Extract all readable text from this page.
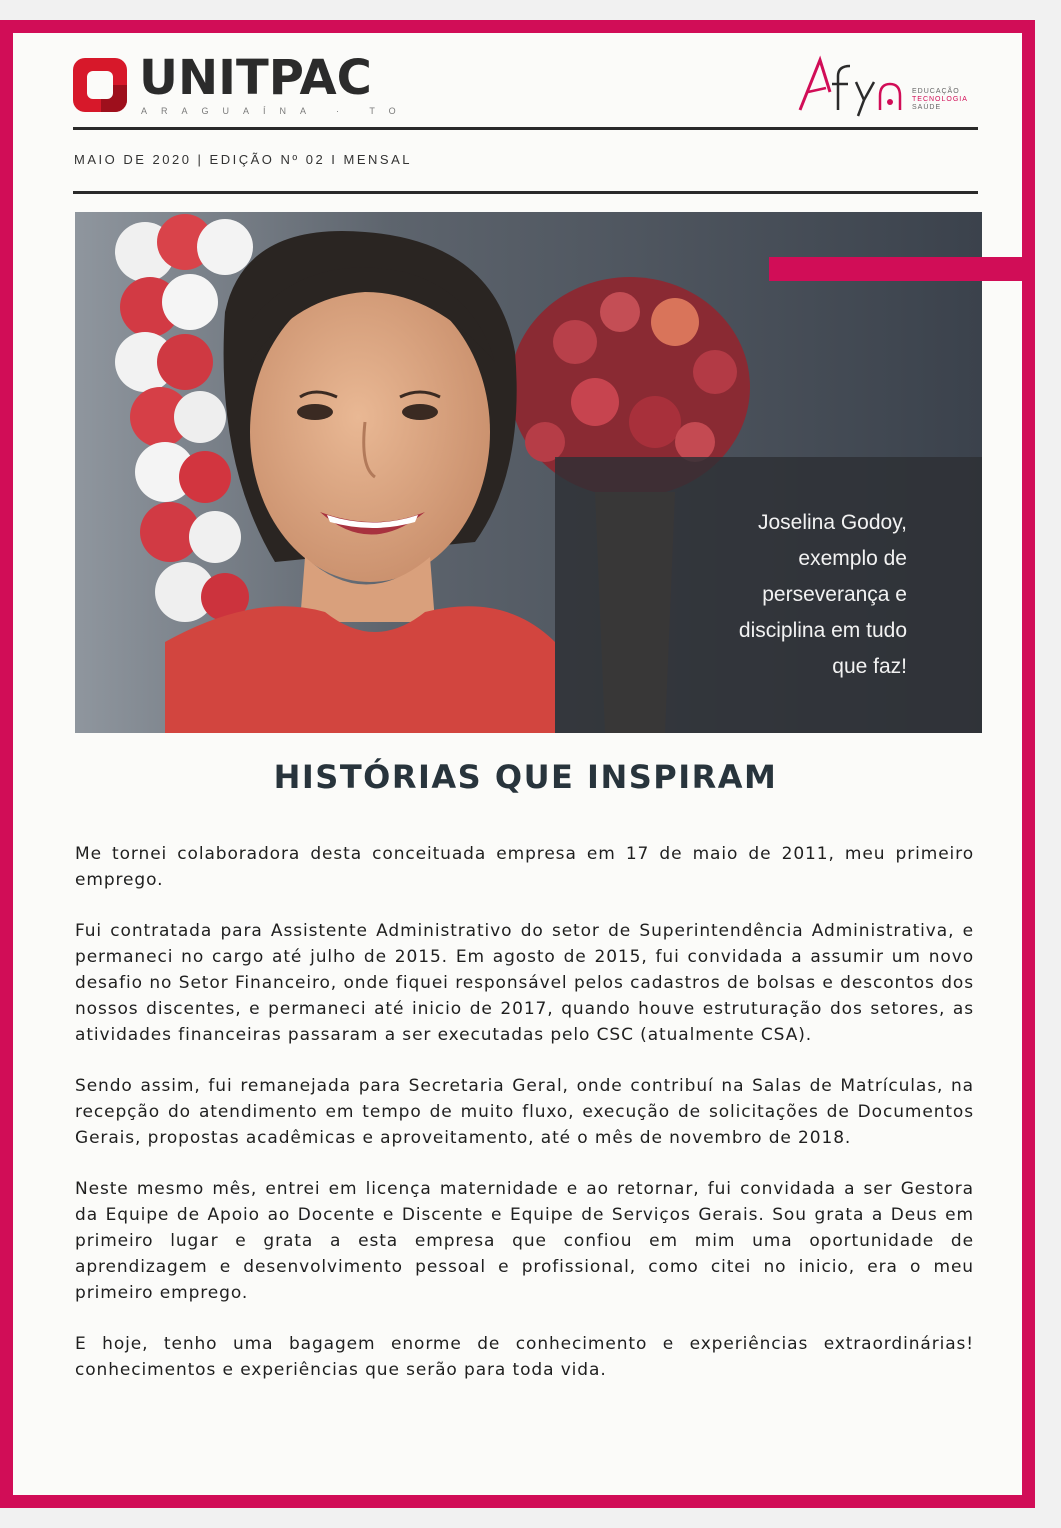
UNITPAC
ARAGUAÍNA · TO
EDUCAÇÃO
TECNOLOGIA
SAÚDE
MAIO DE 2020 | EDIÇÃO Nº 02 I MENSAL
Joselina Godoy,
exemplo de
perseverança e
disciplina em tudo
que faz!
HISTÓRIAS QUE INSPIRAM

Me tornei colaboradora desta conceituada empresa em 17 de maio de 2011, meu primeiro emprego.

Fui contratada para Assistente Administrativo do setor de Superintendência Administrativa, e permaneci no cargo até julho de 2015. Em agosto de 2015, fui convidada a assumir um novo desafio no Setor Financeiro, onde fiquei responsável pelos cadastros de bolsas e descontos dos nossos discentes, e permaneci até inicio de 2017, quando houve estruturação dos setores, as atividades financeiras passaram a ser executadas pelo CSC (atualmente CSA).

Sendo assim, fui remanejada para Secretaria Geral, onde contribuí na Salas de Matrículas, na recepção do atendimento em tempo de muito fluxo, execução de solicitações de Documentos Gerais, propostas acadêmicas e aproveitamento, até o mês de novembro de 2018.

Neste mesmo mês, entrei em licença maternidade e ao retornar, fui convidada a ser Gestora da Equipe de Apoio ao Docente e Discente e Equipe de Serviços Gerais. Sou grata a Deus em primeiro lugar e grata a esta empresa que confiou em mim uma oportunidade de aprendizagem e desenvolvimento pessoal e profissional, como citei no inicio, era o meu primeiro emprego.

E hoje, tenho uma bagagem enorme de conhecimento e experiências extraordinárias! conhecimentos e experiências que serão para toda vida.
